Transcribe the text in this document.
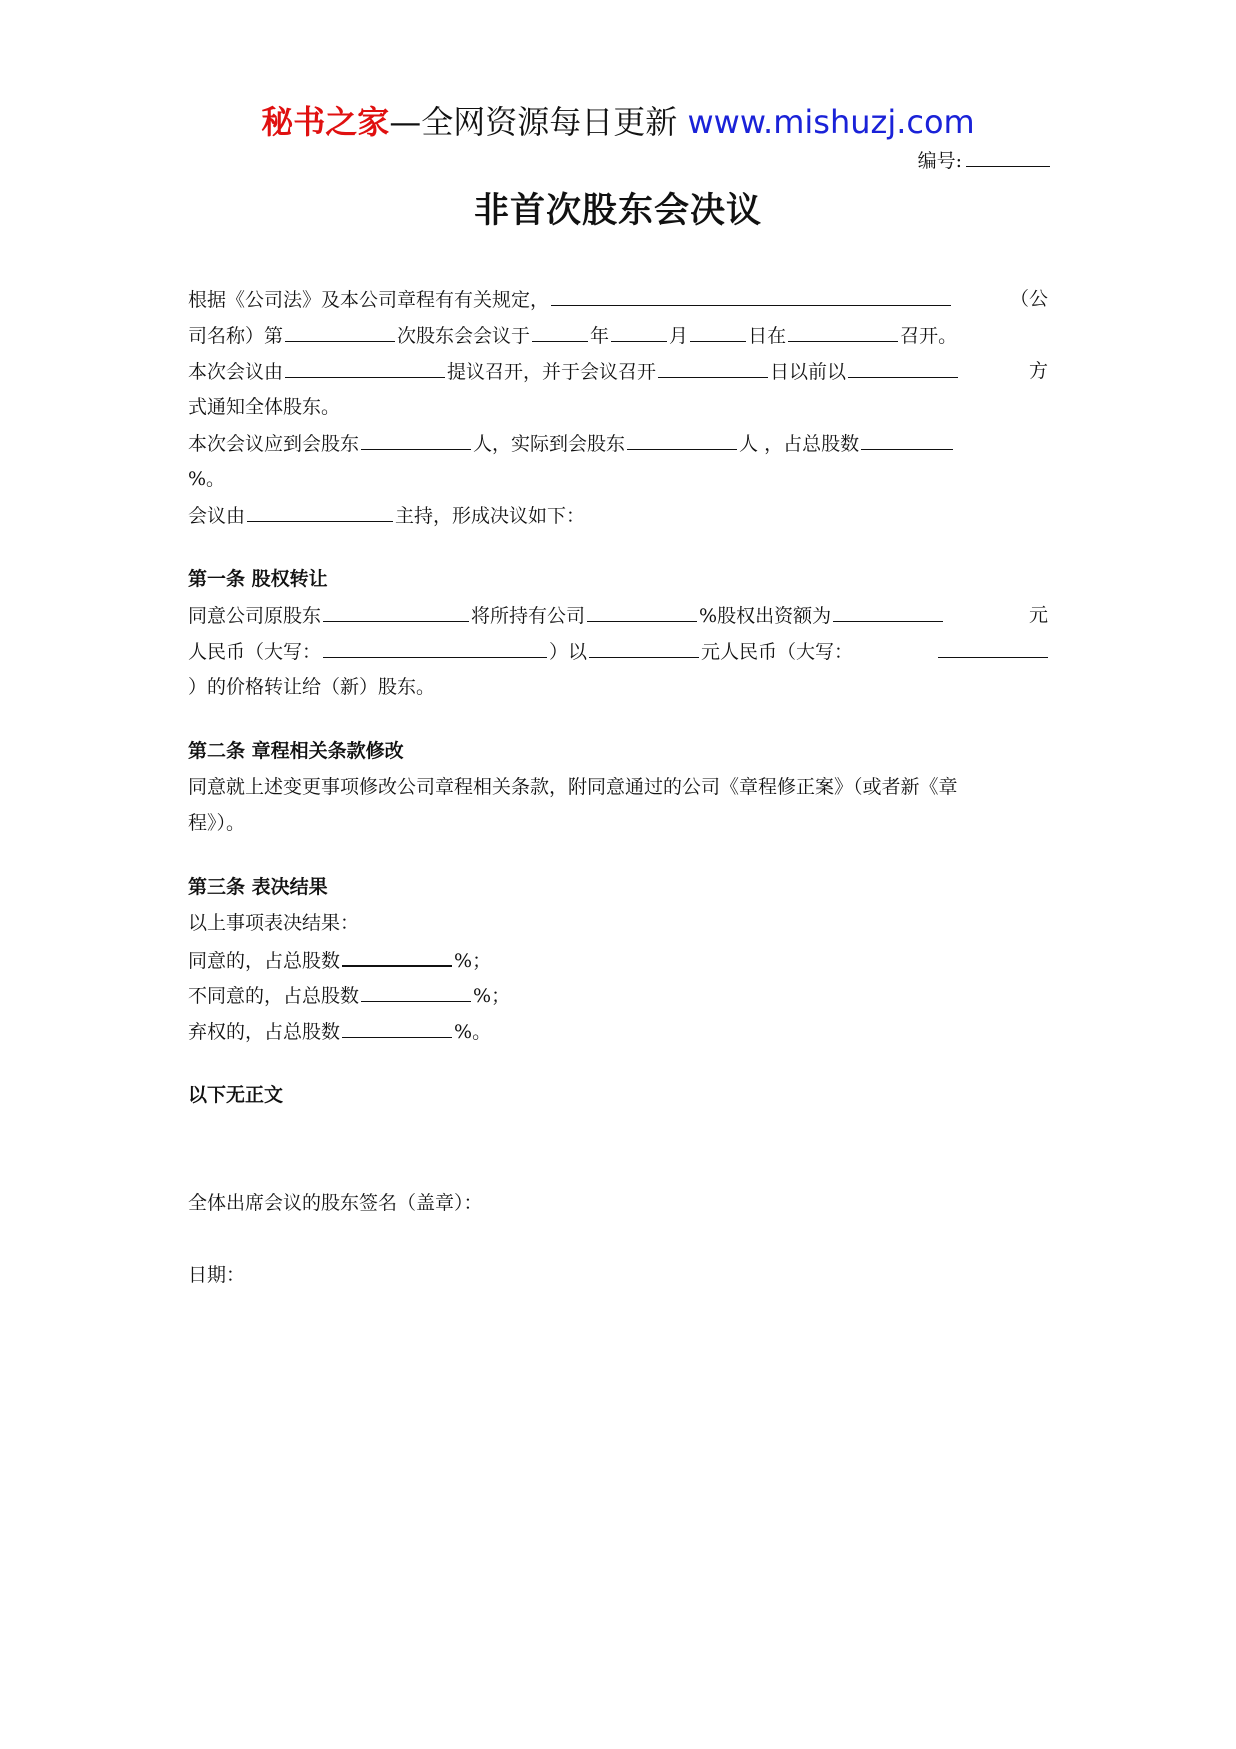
秘书之家—全网资源每日更新 www.mishuzj.com
编号:
非首次股东会决议
根据《公司法》及本公司章程有有关规定，	（公
司名称）第	次股东会会议于	年	月	日在	召开。
本次会议由	提议召开，并于会议召开	日以前以	方
式通知全体股东。
本次会议应到会股东	人，实际到会股东	人 ，占总股数
%。
会议由	主持，形成决议如下：
第一条 股权转让
同意公司原股东	将所持有公司	%股权出资额为	元
人民币（大写：	）以	元人民币（大写：
）的价格转让给（新）股东。
第二条 章程相关条款修改
同意就上述变更事项修改公司章程相关条款，附同意通过的公司《章程修正案》（或者新《章
程》）。
第三条 表决结果
以上事项表决结果：
同意的，占总股数	%；
不同意的，占总股数	%；
弃权的，占总股数	%。
以下无正文
全体出席会议的股东签名（盖章）：
日期：
